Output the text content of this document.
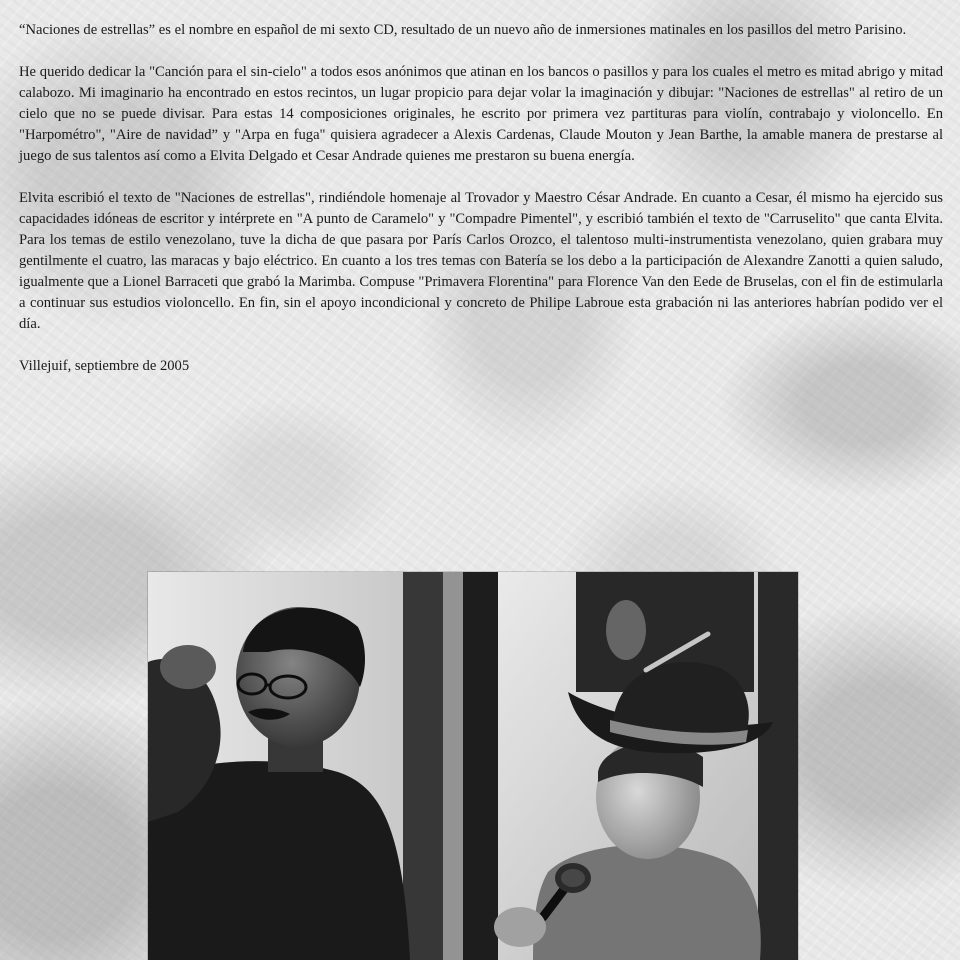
“Naciones de estrellas” es el nombre en español de mi sexto CD, resultado de un nuevo año de inmersiones matinales en los pasillos del metro Parisino.

He querido dedicar la "Canción para el sin-cielo" a todos esos anónimos que atinan en los bancos o pasillos y para los cuales el metro es mitad abrigo y mitad calabozo. Mi imaginario ha encontrado en estos recintos, un lugar propicio para dejar volar la imaginación y dibujar: "Naciones de estrellas" al retiro de un cielo que no se puede divisar. Para estas 14 composiciones originales, he escrito por primera vez partituras para violín, contrabajo y violoncello. En "Harpométro", "Aire de navidad” y "Arpa en fuga" quisiera agradecer a Alexis Cardenas, Claude Mouton y Jean Barthe, la amable manera de prestarse al juego de sus talentos así como a Elvita Delgado et Cesar Andrade quienes me prestaron su buena energía.

Elvita escribió el texto de "Naciones de estrellas", rindiéndole homenaje al Trovador y Maestro César Andrade. En cuanto a Cesar, él mismo ha ejercido sus capacidades idóneas de escritor y intérprete en "A punto de Caramelo" y "Compadre Pimentel", y escribió también el texto de "Carruselito" que canta Elvita. Para los temas de estilo venezolano, tuve la dicha de que pasara por París Carlos Orozco, el talentoso multi-instrumentista venezolano, quien grabara muy gentilmente el cuatro, las maracas y bajo eléctrico. En cuanto a los tres temas con Batería se los debo a la participación de Alexandre Zanotti a quien saludo, igualmente que a Lionel Barraceti que grabó la Marimba. Compuse "Primavera Florentina" para Florence Van den Eede de Bruselas, con el fin de estimularla a continuar sus estudios violoncello. En fin, sin el apoyo incondicional y concreto de Philipe Labroue esta grabación ni las anteriores habrían podido ver el día.

Villejuif, septiembre de 2005
